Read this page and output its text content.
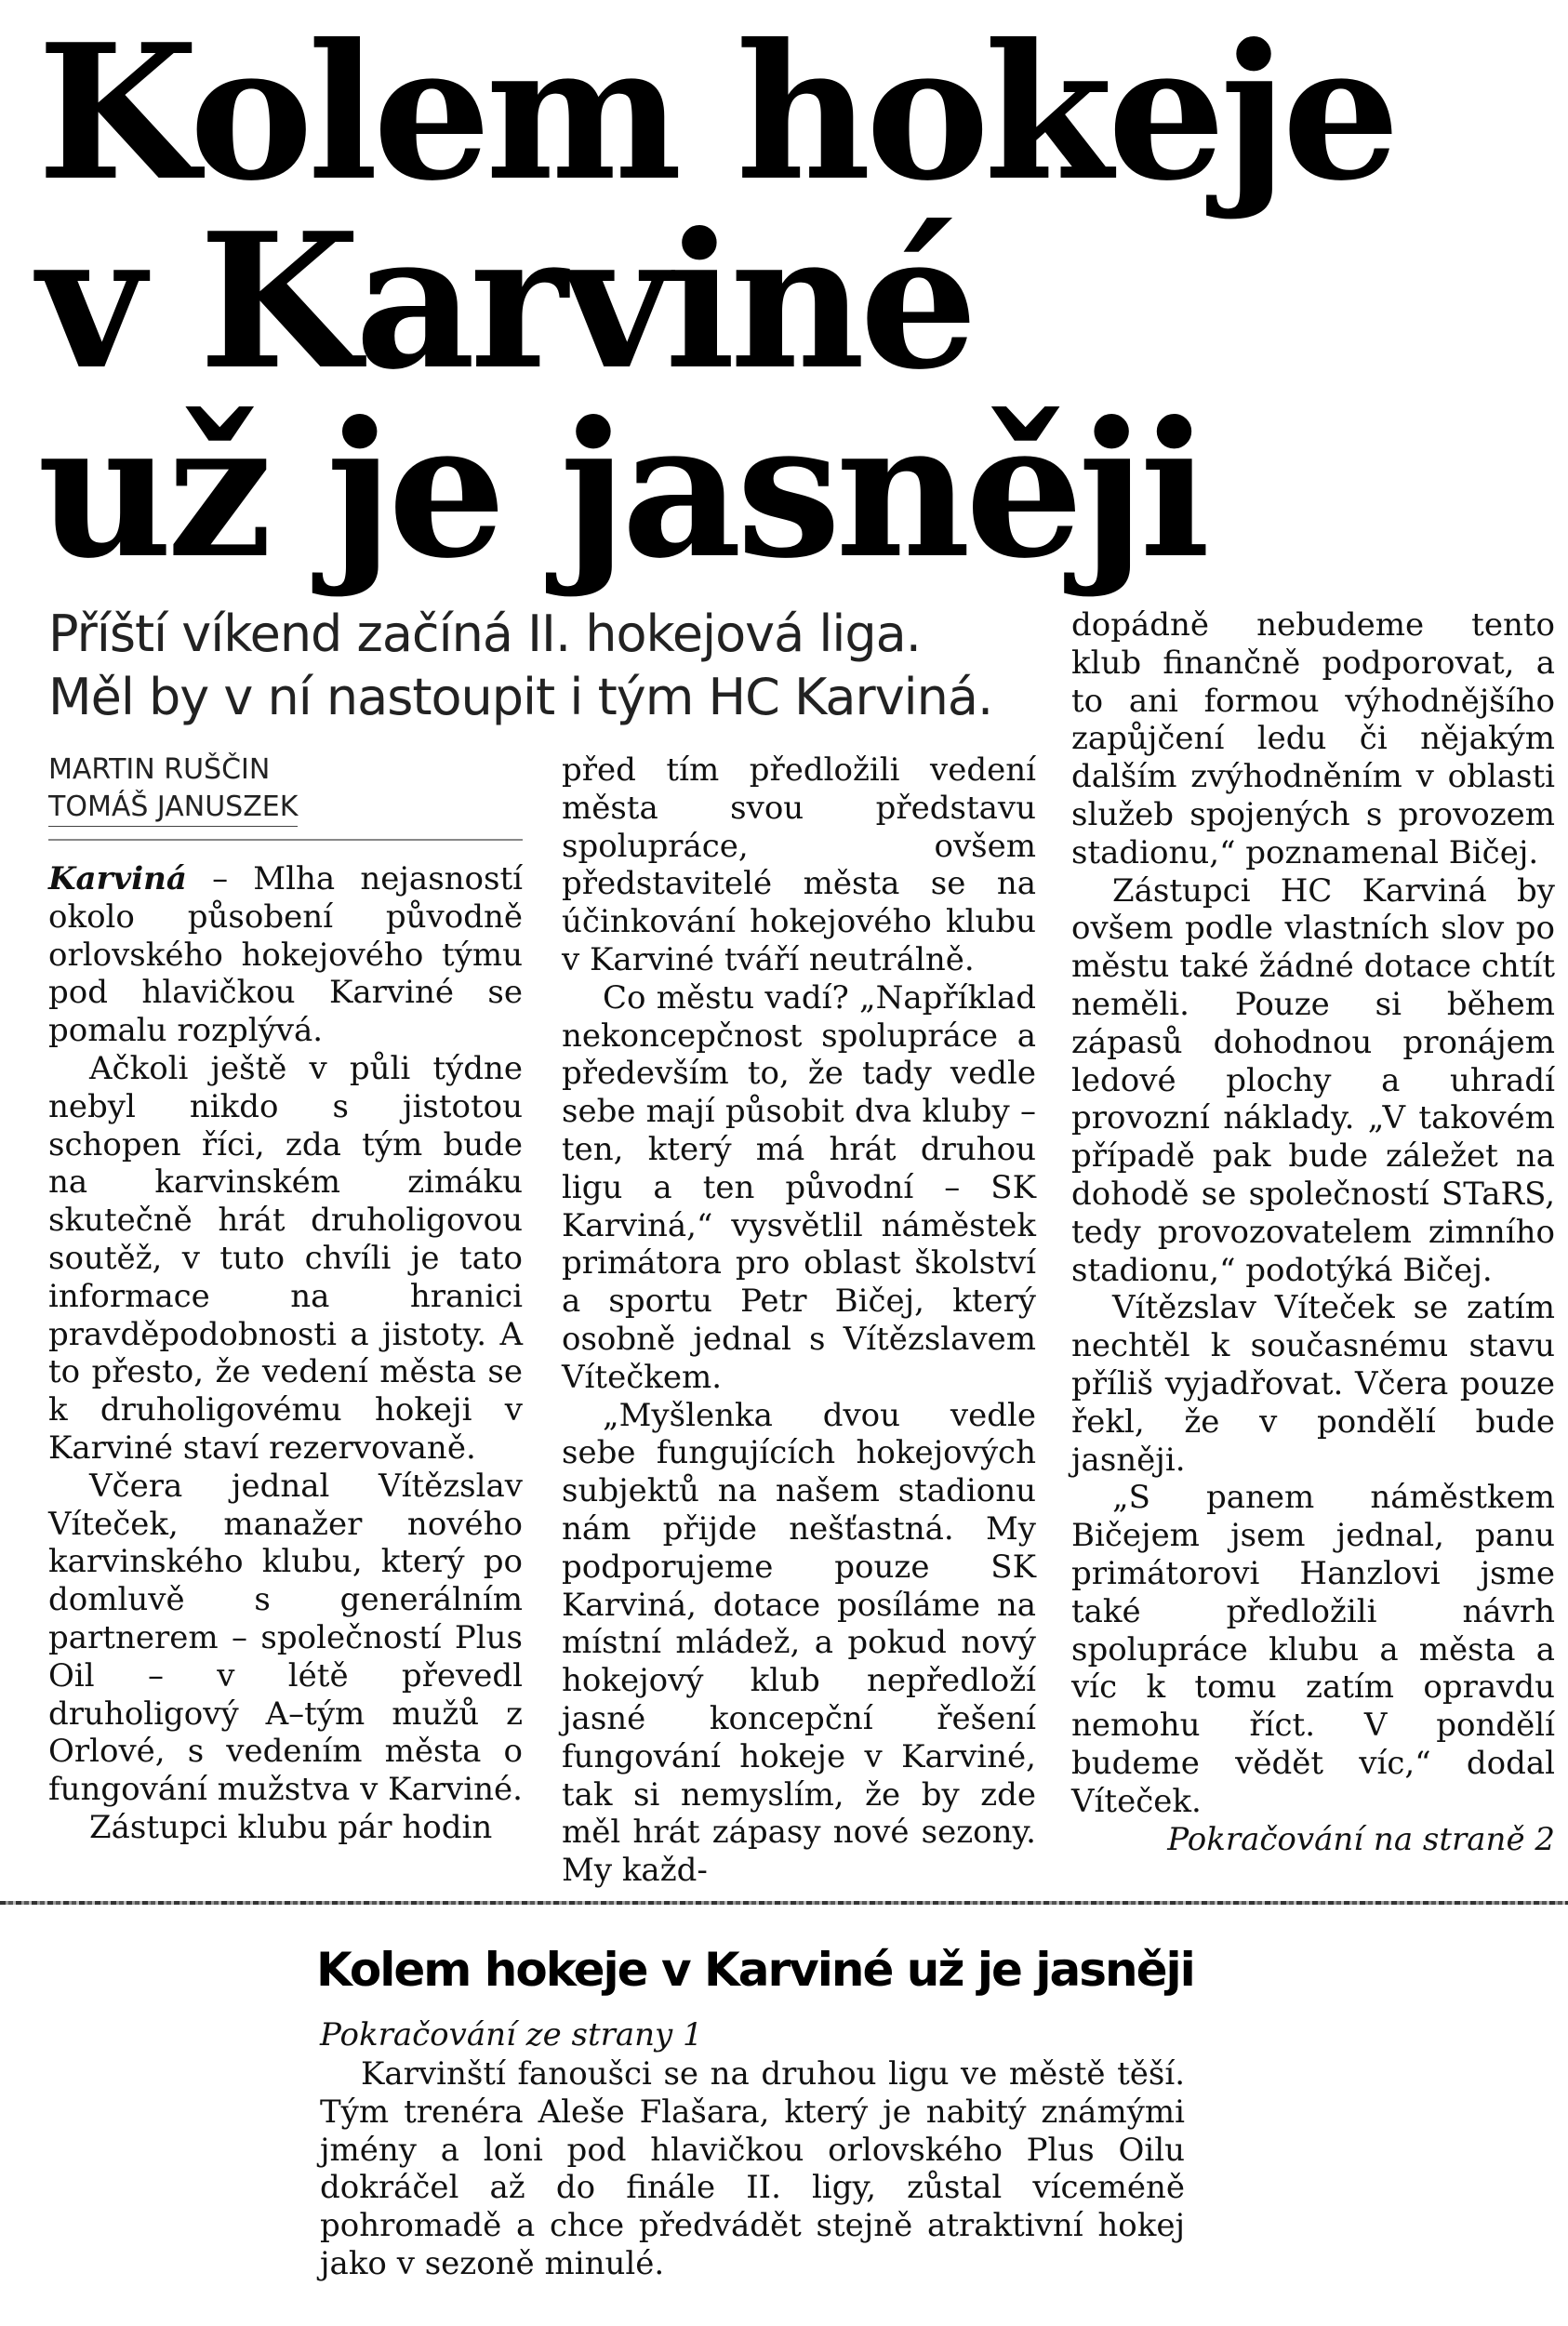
Kolem hokeje
v Karviné
už je jasněji
Příští víkend začíná II. hokejová liga.
Měl by v ní nastoupit i tým HC Karviná.
MARTIN RUŠČIN
TOMÁŠ JANUSZEK

Karviná – Mlha nejasností okolo působení původně orlovského hokejového týmu pod hlavičkou Karviné se pomalu rozplývá.

Ačkoli ještě v půli týdne nebyl nikdo s jistotou schopen říci, zda tým bude na karvinském zimáku skutečně hrát druholigovou soutěž, v tuto chvíli je tato informace na hranici pravděpodobnosti a jistoty. A to přesto, že vedení města se k druholigovému hokeji v Karviné staví rezervovaně.

Včera jednal Vítězslav Víteček, manažer nového karvinského klubu, který po domluvě s generálním partnerem – společností Plus Oil – v létě převedl druholigový A–tým mužů z Orlové, s vedením města o fungování mužstva v Karviné.

Zástupci klubu pár hodin

před tím předložili vedení města svou představu spolupráce, ovšem představitelé města se na účinkování hokejového klubu v Karviné tváří neutrálně.

Co městu vadí? „Například nekoncepčnost spolupráce a především to, že tady vedle sebe mají působit dva kluby – ten, který má hrát druhou ligu a ten původní – SK Karviná,“ vysvětlil náměstek primátora pro oblast školství a sportu Petr Bičej, který osobně jednal s Vítězslavem Vítečkem.

„Myšlenka dvou vedle sebe fungujících hokejových subjektů na našem stadionu nám přijde nešťastná. My podporujeme pouze SK Karviná, dotace posíláme na místní mládež, a pokud nový hokejový klub nepředloží jasné koncepční řešení fungování hokeje v Karviné, tak si nemyslím, že by zde měl hrát zápasy nové sezony. My každ-

dopádně nebudeme tento klub finančně podporovat, a to ani formou výhodnějšího zapůjčení ledu či nějakým dalším zvýhodněním v oblasti služeb spojených s provozem stadionu,“ poznamenal Bičej.

Zástupci HC Karviná by ovšem podle vlastních slov po městu také žádné dotace chtít neměli. Pouze si během zápasů dohodnou pronájem ledové plochy a uhradí provozní náklady. „V takovém případě pak bude záležet na dohodě se společností STaRS, tedy provozovatelem zimního stadionu,“ podotýká Bičej.

Vítězslav Víteček se zatím nechtěl k současnému stavu příliš vyjadřovat. Včera pouze řekl, že v pondělí bude jasněji.

„S panem náměstkem Bičejem jsem jednal, panu primátorovi Hanzlovi jsme také předložili návrh spolupráce klubu a města a víc k tomu zatím opravdu nemohu říct. V pondělí budeme vědět víc,“ dodal Víteček.

Pokračování na straně 2

Kolem hokeje v Karviné už je jasněji
Pokračování ze strany 1

Karvinští fanoušci se na druhou ligu ve městě těší. Tým trenéra Aleše Flašara, který je nabitý známými jmény a loni pod hlavičkou orlovského Plus Oilu dokráčel až do finále II. ligy, zůstal víceméně pohromadě a chce předvádět stejně atraktivní hokej jako v sezoně minulé.
